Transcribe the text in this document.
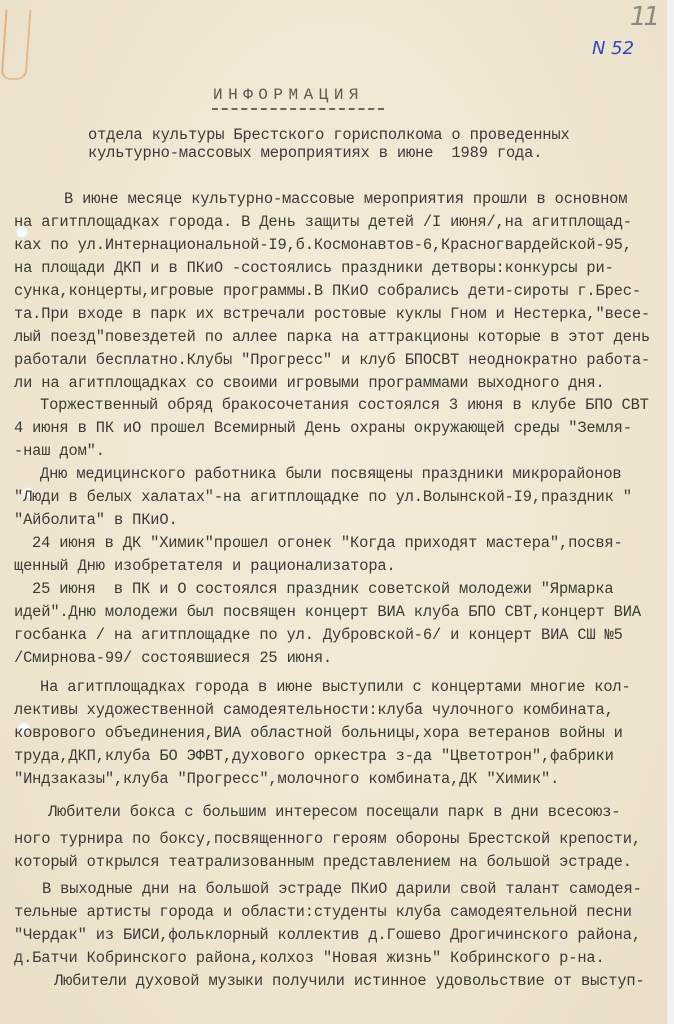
11
N 52
ИНФОРМАЦИЯ
отдела культуры Брестского горисполкома о проведенных
культурно-массовых мероприятиях в июне  1989 года.
В июне месяце культурно-массовые мероприятия прошли в основном
на агитплощадках города. В День защиты детей /I июня/,на агитплощад-
ках по ул.Интернациональной-I9,б.Космонавтов-6,Красногвардейской-95,
на площади ДКП и в ПКиО -состоялись праздники детворы:конкурсы ри-
сунка,концерты,игровые программы.В ПКиО собрались дети-сироты г.Брес-
та.При входе в парк их встречали ростовые куклы Гном и Нестерка,"весе-
лый поезд"повездетей по аллее парка на аттракционы которые в этот день
работали бесплатно.Клубы "Прогресс" и клуб БПОСВТ неоднократно работа-
ли на агитплощадках со своими игровыми программами выходного дня.
Торжественный обряд бракосочетания состоялся 3 июня в клубе БПО СВТ
4 июня в ПК иО прошел Всемирный День охраны окружающей среды "Земля-
-наш дом".
Дню медицинского работника были посвящены праздники микрорайонов
"Люди в белых халатах"-на агитплощадке по ул.Волынской-I9,праздник "
"Айболита" в ПКиО.
24 июня в ДК "Химик"прошел огонек "Когда приходят мастера",посвя-
щенный Дню изобретателя и рационализатора.
25 июня  в ПК и О состоялся праздник советской молодежи "Ярмарка
идей".Дню молодежи был посвящен концерт ВИА клуба БПО СВТ,концерт ВИА
госбанка / на агитплощадке по ул. Дубровской-6/ и концерт ВИА СШ №5
/Смирнова-99/ состоявшиеся 25 июня.
На агитплощадках города в июне выступили с концертами многие кол-
лективы художественной самодеятельности:клуба чулочного комбината,
коврового объединения,ВИА областной больницы,хора ветеранов войны и
труда,ДКП,клуба БО ЭФВТ,духового оркестра з-да "Цветотрон",фабрики
"Индзаказы",клуба "Прогресс",молочного комбината,ДК "Химик".
Любители бокса с большим интересом посещали парк в дни всесоюз-
ного турнира по боксу,посвященного героям обороны Брестской крепости,
который открылся театрализованным представлением на большой эстраде.
В выходные дни на большой эстраде ПКиО дарили свой талант самодея-
тельные артисты города и области:студенты клуба самодеятельной песни
"Чердак" из БИСИ,фольклорный коллектив д.Гошево Дрогичинского района,
д.Батчи Кобринского района,колхоз "Новая жизнь" Кобринского р-на.
Любители духовой музыки получили истинное удовольствие от выступ-
